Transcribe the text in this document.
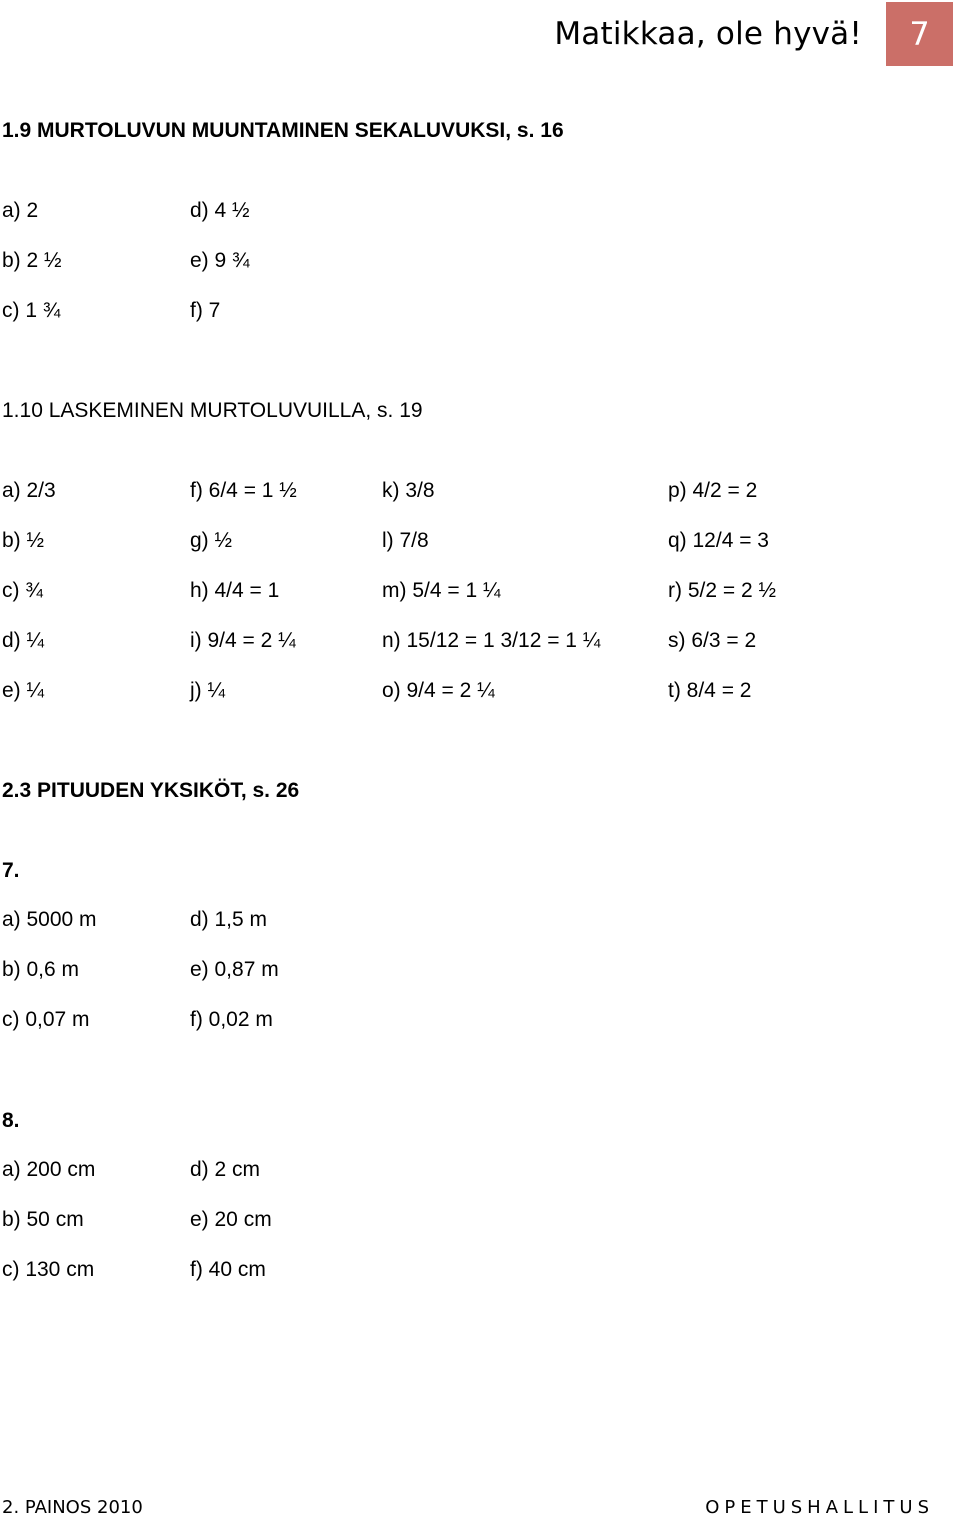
Matikkaa, ole hyvä!	7
1.9 MURTOLUVUN MUUNTAMINEN SEKALUVUKSI, s. 16
a) 2	d) 4 ½
b) 2 ½	e) 9 ¾
c) 1 ¾	f) 7
1.10 LASKEMINEN MURTOLUVUILLA, s. 19
a) 2/3	f) 6/4 = 1 ½	k) 3/8	p) 4/2 = 2
b) ½	g) ½	l) 7/8	q) 12/4 = 3
c) ¾	h) 4/4 = 1	m) 5/4 = 1 ¼	r) 5/2 = 2 ½
d) ¼	i) 9/4 = 2 ¼	n) 15/12 = 1 3/12 = 1 ¼	s) 6/3 = 2
e) ¼	j) ¼	o) 9/4 = 2 ¼	t) 8/4 = 2
2.3 PITUUDEN YKSIKÖT, s. 26
7.
a) 5000 m	d) 1,5 m
b) 0,6 m	e) 0,87 m
c) 0,07 m	f) 0,02 m
8.
a) 200 cm	d) 2 cm
b) 50 cm	e) 20 cm
c) 130 cm	f) 40 cm
2. PAINOS 2010	OPETUSHALLITUS
